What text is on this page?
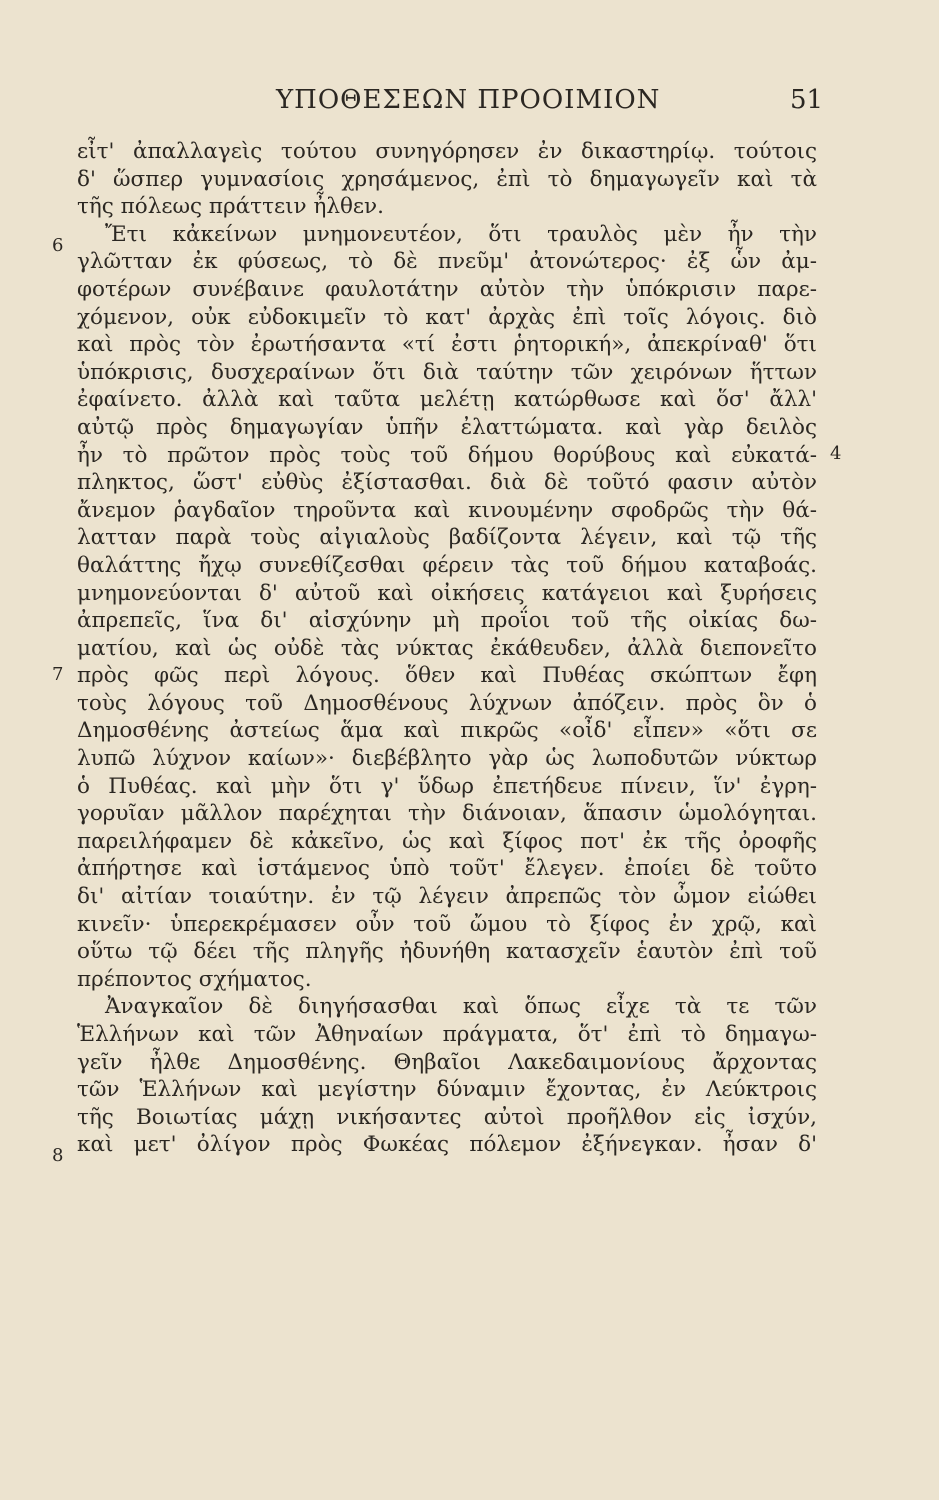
ΥΠΟΘΕΣΕΩΝ ΠΡΟΟΙΜΙΟΝ	51
6
7
8
4
εἶτ' ἀπαλλαγεὶς τούτου συνηγόρησεν ἐν δικαστηρίῳ. τούτοις
δ' ὥσπερ γυμνασίοις χρησάμενος, ἐπὶ τὸ δημαγωγεῖν καὶ τὰ
τῆς πόλεως πράττειν ἦλθεν.
Ἔτι κἀκείνων μνημονευτέον, ὅτι τραυλὸς μὲν ἦν τὴν
γλῶτταν ἐκ φύσεως, τὸ δὲ πνεῦμ' ἀτονώτερος· ἐξ ὧν ἀμ-
φοτέρων συνέβαινε φαυλοτάτην αὐτὸν τὴν ὑπόκρισιν παρε-
χόμενον, οὐκ εὐδοκιμεῖν τὸ κατ' ἀρχὰς ἐπὶ τοῖς λόγοις. διὸ
καὶ πρὸς τὸν ἐρωτήσαντα «τί ἐστι ῥητορική», ἀπεκρίναθ' ὅτι
ὑπόκρισις, δυσχεραίνων ὅτι διὰ ταύτην τῶν χειρόνων ἥττων
ἐφαίνετο. ἀλλὰ καὶ ταῦτα μελέτῃ κατώρθωσε καὶ ὅσ' ἄλλ'
αὐτῷ πρὸς δημαγωγίαν ὑπῆν ἐλαττώματα. καὶ γὰρ δειλὸς
ἦν τὸ πρῶτον πρὸς τοὺς τοῦ δήμου θορύβους καὶ εὐκατά-
πληκτος, ὥστ' εὐθὺς ἐξίστασθαι. διὰ δὲ τοῦτό φασιν αὐτὸν
ἄνεμον ῥαγδαῖον τηροῦντα καὶ κινουμένην σφοδρῶς τὴν θά-
λατταν παρὰ τοὺς αἰγιαλοὺς βαδίζοντα λέγειν, καὶ τῷ τῆς
θαλάττης ἤχῳ συνεθίζεσθαι φέρειν τὰς τοῦ δήμου καταβοάς.
μνημονεύονται δ' αὐτοῦ καὶ οἰκήσεις κατάγειοι καὶ ξυρήσεις
ἀπρεπεῖς, ἵνα δι' αἰσχύνην μὴ προΐοι τοῦ τῆς οἰκίας δω-
ματίου, καὶ ὡς οὐδὲ τὰς νύκτας ἐκάθευδεν, ἀλλὰ διεπονεῖτο
πρὸς φῶς περὶ λόγους. ὅθεν καὶ Πυθέας σκώπτων ἔφη
τοὺς λόγους τοῦ Δημοσθένους λύχνων ἀπόζειν. πρὸς ὃν ὁ
Δημοσθένης ἀστείως ἅμα καὶ πικρῶς «οἶδ' εἶπεν» «ὅτι σε
λυπῶ λύχνον καίων»· διεβέβλητο γὰρ ὡς λωποδυτῶν νύκτωρ
ὁ Πυθέας. καὶ μὴν ὅτι γ' ὕδωρ ἐπετήδευε πίνειν, ἵν' ἐγρη-
γορυῖαν μᾶλλον παρέχηται τὴν διάνοιαν, ἅπασιν ὡμολόγηται.
παρειλήφαμεν δὲ κἀκεῖνο, ὡς καὶ ξίφος ποτ' ἐκ τῆς ὀροφῆς
ἀπήρτησε καὶ ἱστάμενος ὑπὸ τοῦτ' ἔλεγεν. ἐποίει δὲ τοῦτο
δι' αἰτίαν τοιαύτην. ἐν τῷ λέγειν ἀπρεπῶς τὸν ὦμον εἰώθει
κινεῖν· ὑπερεκρέμασεν οὖν τοῦ ὤμου τὸ ξίφος ἐν χρῷ, καὶ
οὕτω τῷ δέει τῆς πληγῆς ἠδυνήθη κατασχεῖν ἑαυτὸν ἐπὶ τοῦ
πρέποντος σχήματος.
Ἀναγκαῖον δὲ διηγήσασθαι καὶ ὅπως εἶχε τὰ τε τῶν
Ἑλλήνων καὶ τῶν Ἀθηναίων πράγματα, ὅτ' ἐπὶ τὸ δημαγω-
γεῖν ἦλθε Δημοσθένης. Θηβαῖοι Λακεδαιμονίους ἄρχοντας
τῶν Ἑλλήνων καὶ μεγίστην δύναμιν ἔχοντας, ἐν Λεύκτροις
τῆς Βοιωτίας μάχῃ νικήσαντες αὐτοὶ προῆλθον εἰς ἰσχύν,
καὶ μετ' ὀλίγον πρὸς Φωκέας πόλεμον ἐξήνεγκαν. ἦσαν δ'
